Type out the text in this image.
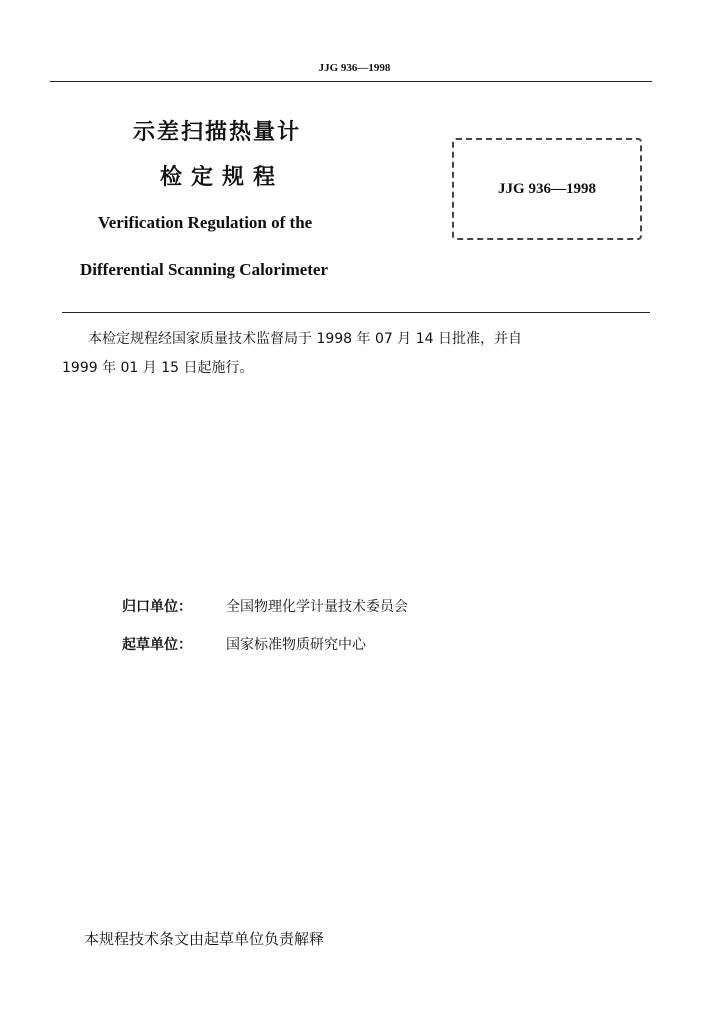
JJG 936—1998
示差扫描热量计
检定规程
Verification Regulation of the
Differential Scanning Calorimeter
JJG 936—1998
本检定规程经国家质量技术监督局于 1998 年 07 月 14 日批准，并自
1999 年 01 月 15 日起施行。
归口单位： 全国物理化学计量技术委员会
起草单位： 国家标准物质研究中心
本规程技术条文由起草单位负责解释
